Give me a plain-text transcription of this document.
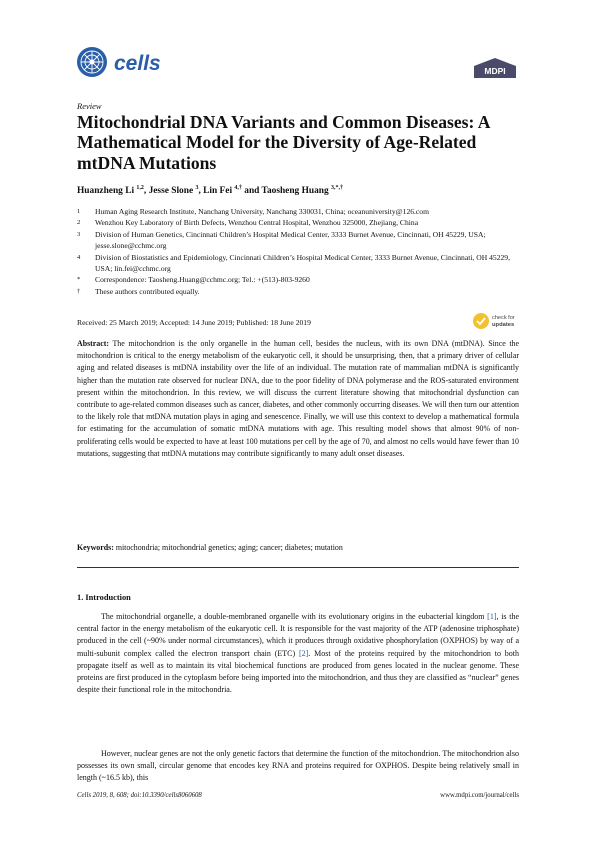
cells	MDPI
Review
Mitochondrial DNA Variants and Common Diseases: A Mathematical Model for the Diversity of Age-Related mtDNA Mutations
Huanzheng Li $^{1,2}$, Jesse Slone $^3$, Lin Fei $^{4,\dagger}$ and Taosheng Huang $^{3,*,\dagger}$
1	Human Aging Research Institute, Nanchang University, Nanchang 330031, China; oceanuniversity@126.com
2	Wenzhou Key Laboratory of Birth Defects, Wenzhou Central Hospital, Wenzhou 325000, Zhejiang, China
3	Division of Human Genetics, Cincinnati Children’s Hospital Medical Center, 3333 Burnet Avenue, Cincinnati, OH 45229, USA; jesse.slone@cchmc.org
4	Division of Biostatistics and Epidemiology, Cincinnati Children’s Hospital Medical Center, 3333 Burnet Avenue, Cincinnati, OH 45229, USA; lin.fei@cchmc.org
*	Correspondence: Taosheng.Huang@cchmc.org; Tel.: +(513)-803-9260
†	These authors contributed equally.
check for
updates
Received: 25 March 2019; Accepted: 14 June 2019; Published: 18 June 2019
Abstract: The mitochondrion is the only organelle in the human cell, besides the nucleus, with its own DNA (mtDNA). Since the mitochondrion is critical to the energy metabolism of the eukaryotic cell, it should be unsurprising, then, that a primary driver of cellular aging and related diseases is mtDNA instability over the life of an individual. The mutation rate of mammalian mtDNA is significantly higher than the mutation rate observed for nuclear DNA, due to the poor fidelity of DNA polymerase and the ROS-saturated environment present within the mitochondrion. In this review, we will discuss the current literature showing that mitochondrial dysfunction can contribute to age-related common diseases such as cancer, diabetes, and other commonly occurring diseases. We will then turn our attention to the likely role that mtDNA mutation plays in aging and senescence. Finally, we will use this context to develop a mathematical formula for estimating for the accumulation of somatic mtDNA mutations with age. This resulting model shows that almost 90% of non-proliferating cells would be expected to have at least 100 mutations per cell by the age of 70, and almost no cells would have fewer than 10 mutations, suggesting that mtDNA mutations may contribute significantly to many adult onset diseases.
Keywords: mitochondria; mitochondrial genetics; aging; cancer; diabetes; mutation
1. Introduction
The mitochondrial organelle, a double-membraned organelle with its evolutionary origins in the eubacterial kingdom [1], is the central factor in the energy metabolism of the eukaryotic cell. It is responsible for the vast majority of the ATP (adenosine triphosphate) produced in the cell (~90% under normal circumstances), which it produces through oxidative phosphorylation (OXPHOS) by way of a multi-subunit complex called the electron transport chain (ETC) [2]. Most of the proteins required by the mitochondrion to both propagate itself as well as to maintain its vital biochemical functions are produced from genes located in the nuclear genome. These proteins are first produced in the cytoplasm before being imported into the mitochondrion, and thus they are classified as “nuclear” genes despite their functional role in the mitochondria.
However, nuclear genes are not the only genetic factors that determine the function of the mitochondrion. The mitochondrion also possesses its own small, circular genome that encodes key RNA and proteins required for OXPHOS. Despite being relatively small in length (~16.5 kb), this
Cells 2019, 8, 608; doi:10.3390/cells8060608	www.mdpi.com/journal/cells
